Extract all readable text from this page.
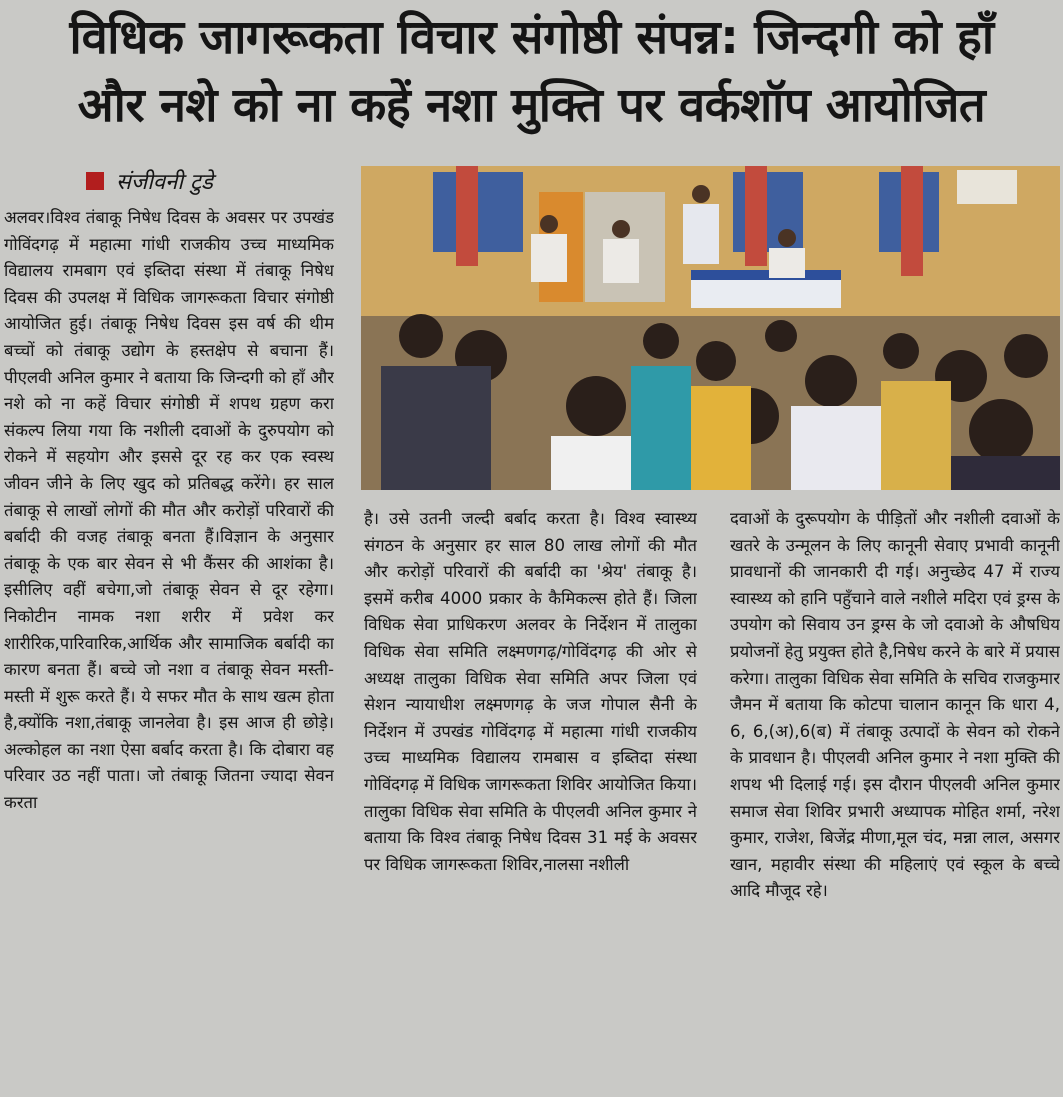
विधिक जागरूकता विचार संगोष्ठी संपन्न: जिन्दगी को हाँ
और नशे को ना कहें नशा मुक्ति पर वर्कशॉप आयोजित
संजीवनी टुडे
अलवर।विश्व तंबाकू निषेध दिवस के अवसर पर उपखंड गोविंदगढ़ में महात्मा गांधी राजकीय उच्च माध्यमिक विद्यालय रामबाग एवं इब्तिदा संस्था में तंबाकू निषेध दिवस की उपलक्ष में विधिक जागरूकता विचार संगोष्ठी आयोजित हुई। तंबाकू निषेध दिवस इस वर्ष की थीम बच्चों को तंबाकू उद्योग के हस्तक्षेप से बचाना हैं। पीएलवी अनिल कुमार ने बताया कि जिन्दगी को हाँ और नशे को ना कहें विचार संगोष्ठी में शपथ ग्रहण करा संकल्प लिया गया कि नशीली दवाओं के दुरुपयोग को रोकने में सहयोग और इससे दूर रह कर एक स्वस्थ जीवन जीने के लिए खुद को प्रतिबद्ध करेंगे। हर साल तंबाकू से लाखों लोगों की मौत और करोड़ों परिवारों की बर्बादी की वजह तंबाकू बनता हैं।विज्ञान के अनुसार तंबाकू के एक बार सेवन से भी कैंसर की आशंका है। इसीलिए वहीं बचेगा,जो तंबाकू सेवन से दूर रहेगा। निकोटीन नामक नशा शरीर में प्रवेश कर शारीरिक,पारिवारिक,आर्थिक और सामाजिक बर्बादी का कारण बनता हैं। बच्चे जो नशा व तंबाकू सेवन मस्ती-मस्ती में शुरू करते हैं। ये सफर मौत के साथ खत्म होता है,क्योंकि नशा,तंबाकू जानलेवा है। इस आज ही छोड़े। अल्कोहल का नशा ऐसा बर्बाद करता है। कि दोबारा वह परिवार उठ नहीं पाता। जो तंबाकू जितना ज्यादा सेवन करता
है। उसे उतनी जल्दी बर्बाद करता है। विश्व स्वास्थ्य संगठन के अनुसार हर साल 80 लाख लोगों की मौत और करोड़ों परिवारों की बर्बादी का 'श्रेय' तंबाकू है। इसमें करीब 4000 प्रकार के कैमिकल्स होते हैं। जिला विधिक सेवा प्राधिकरण अलवर के निर्देशन में तालुका विधिक सेवा समिति लक्ष्मणगढ़/गोविंदगढ़ की ओर से अध्यक्ष तालुका विधिक सेवा समिति अपर जिला एवं सेशन न्यायाधीश लक्ष्मणगढ़ के जज गोपाल सैनी के निर्देशन में उपखंड गोविंदगढ़ में महात्मा गांधी राजकीय उच्च माध्यमिक विद्यालय रामबास व इब्तिदा संस्था गोविंदगढ़ में विधिक जागरूकता शिविर आयोजित किया। तालुका विधिक सेवा समिति के पीएलवी अनिल कुमार ने बताया कि विश्व तंबाकू निषेध दिवस 31 मई के अवसर पर विधिक जागरूकता शिविर,नालसा नशीली
दवाओं के दुरूपयोग के पीड़ितों और नशीली दवाओं के खतरे के उन्मूलन के लिए कानूनी सेवाए प्रभावी कानूनी प्रावधानों की जानकारी दी गई। अनुच्छेद 47 में राज्य स्वास्थ्य को हानि पहुँचाने वाले नशीले मदिरा एवं ड्रग्स के उपयोग को सिवाय उन ड्रग्स के जो दवाओ के औषधिय प्रयोजनों हेतु प्रयुक्त होते है,निषेध करने के बारे में प्रयास करेगा। तालुका विधिक सेवा समिति के सचिव राजकुमार जैमन में बताया कि कोटपा चालान कानून कि धारा 4, 6, 6,(अ),6(ब) में तंबाकू उत्पादों के सेवन को रोकने के प्रावधान है। पीएलवी अनिल कुमार ने नशा मुक्ति की शपथ भी दिलाई गई। इस दौरान पीएलवी अनिल कुमार समाज सेवा शिविर प्रभारी अध्यापक मोहित शर्मा, नरेश कुमार, राजेश, बिजेंद्र मीणा,मूल चंद, मन्ना लाल, असगर खान, महावीर संस्था की महिलाएं एवं स्कूल के बच्चे आदि मौजूद रहे।
